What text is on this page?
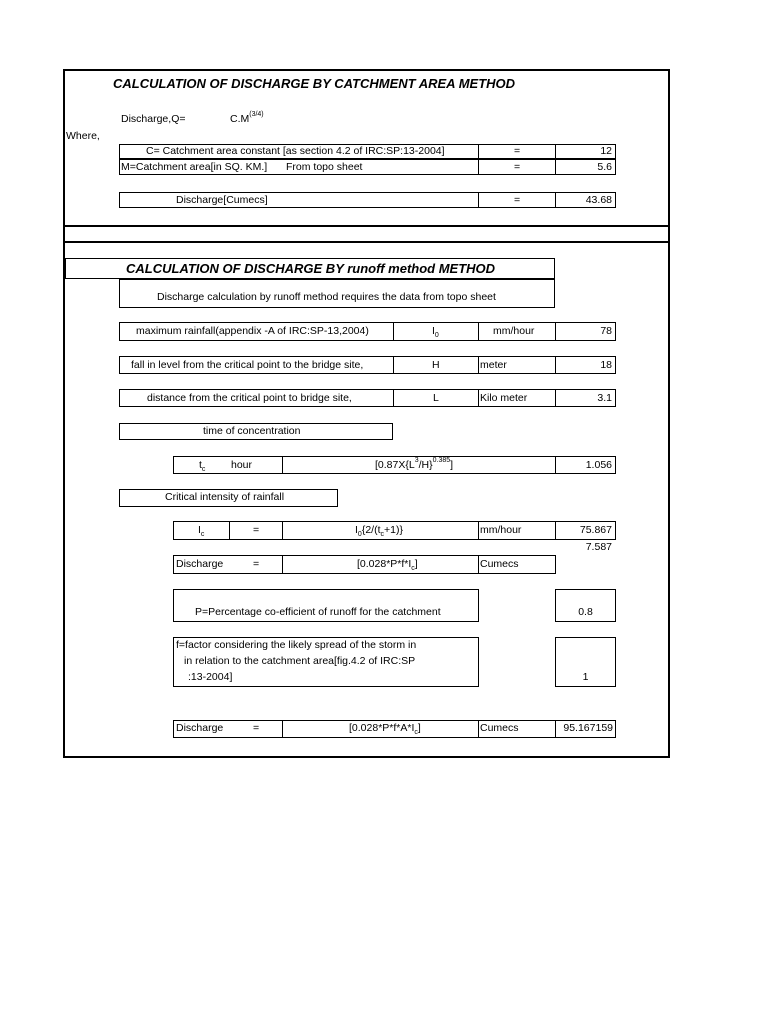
CALCULATION OF DISCHARGE BY CATCHMENT AREA METHOD
Discharge,Q=	$C.M^{(3/4)}$
Where,
C= Catchment area constant [as section 4.2 of IRC:SP:13-2004]	=	12
M=Catchment area[in SQ. KM.] From topo sheet	=	5.6
Discharge[Cumecs]	=	43.68
CALCULATION OF DISCHARGE BY runoff method METHOD
Discharge calculation by runoff method requires the data from topo sheet
maximum rainfall(appendix -A of IRC:SP-13,2004)	$I_0$	mm/hour	78
fall in level from the critical point to the bridge site,	H	meter	18
distance from the critical point to bridge site,	L	Kilo meter	3.1
time of concentration
$t_c$ hour	$[0.87X\{L^3/H\}^{0.385}]$	1.056
Critical intensity of rainfall
$I_c$	=	$I_0\{2/(t_c+1)\}$	mm/hour	75.867
7.587
Discharge	=	$[0.028*P*f*I_c]$	Cumecs
P=Percentage co-efficient of runoff for the catchment	0.8
f=factor considering the likely spread of the storm in
in relation to the catchment area[fig.4.2 of IRC:SP
:13-2004]	1
Discharge	=	$[0.028*P*f*A*I_c]$	Cumecs	95.167159
